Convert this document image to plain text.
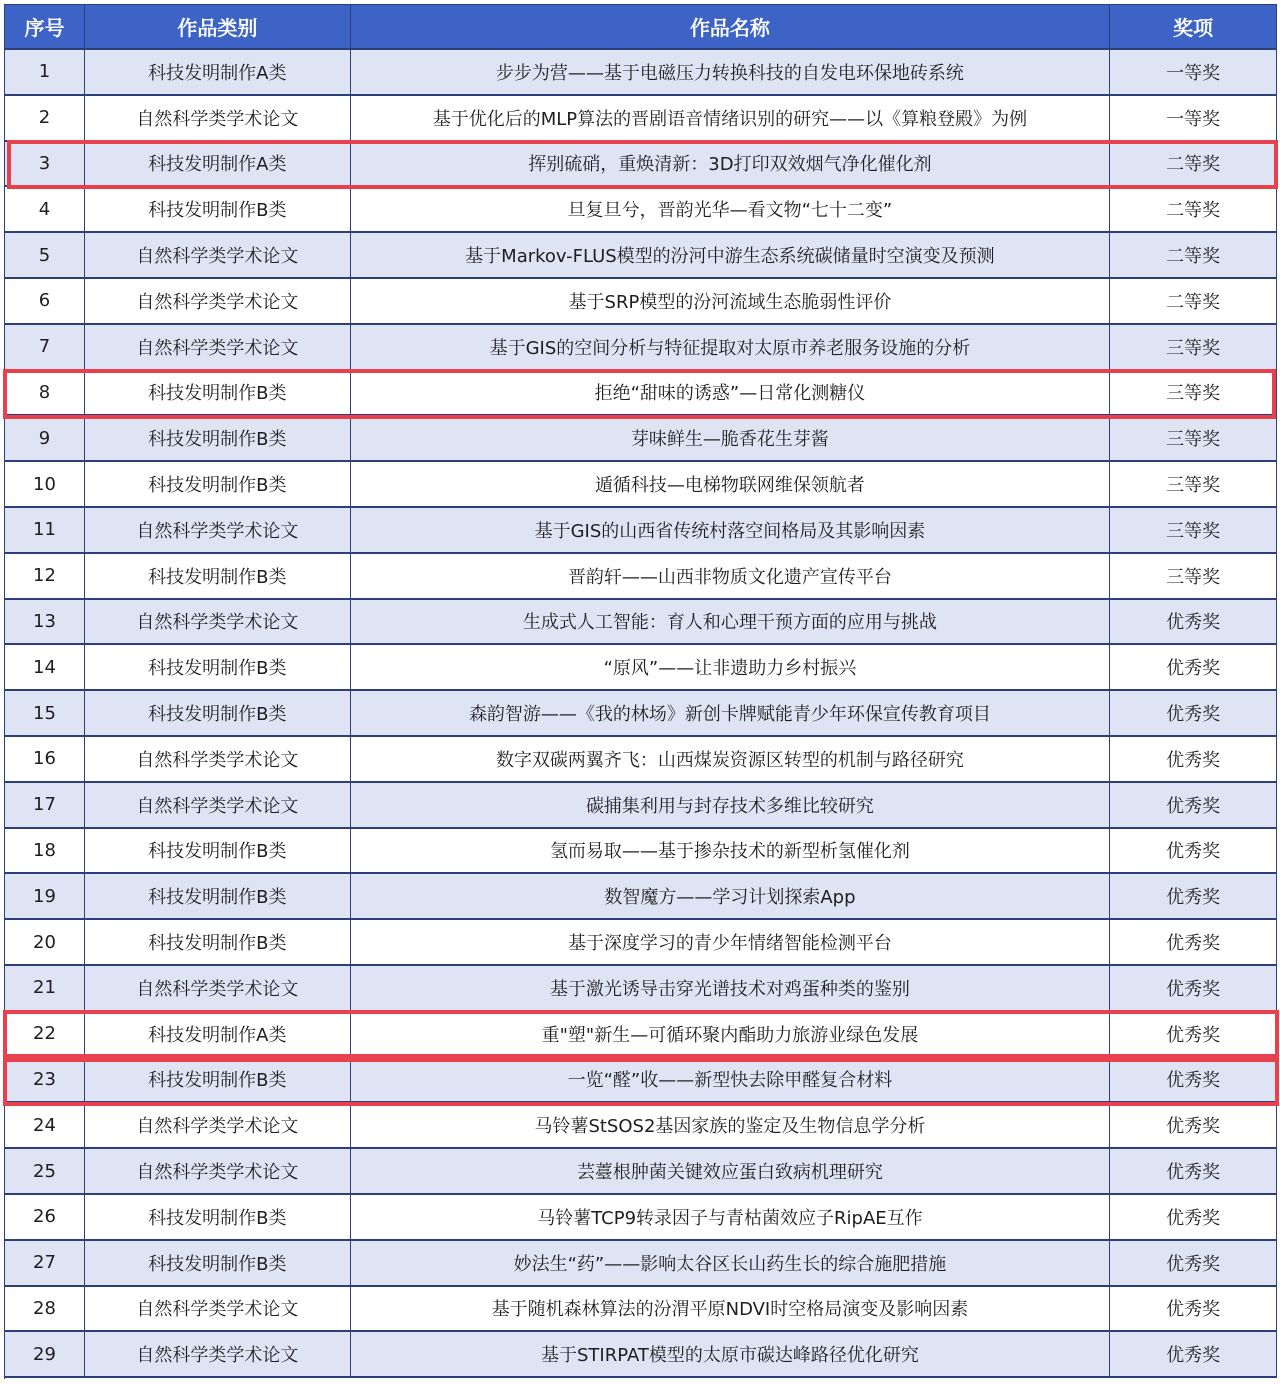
序号	作品类别	作品名称	奖项
1	科技发明制作A类	步步为营——基于电磁压力转换科技的自发电环保地砖系统	一等奖
2	自然科学类学术论文	基于优化后的MLP算法的晋剧语音情绪识别的研究——以《算粮登殿》为例	一等奖
3	科技发明制作A类	挥别硫硝，重焕清新：3D打印双效烟气净化催化剂	二等奖
4	科技发明制作B类	旦复旦兮，晋韵光华—看文物“七十二变”	二等奖
5	自然科学类学术论文	基于Markov-FLUS模型的汾河中游生态系统碳储量时空演变及预测	二等奖
6	自然科学类学术论文	基于SRP模型的汾河流域生态脆弱性评价	二等奖
7	自然科学类学术论文	基于GIS的空间分析与特征提取对太原市养老服务设施的分析	三等奖
8	科技发明制作B类	拒绝“甜味的诱惑”—日常化测糖仪	三等奖
9	科技发明制作B类	芽味鲜生—脆香花生芽酱	三等奖
10	科技发明制作B类	遁循科技—电梯物联网维保领航者	三等奖
11	自然科学类学术论文	基于GIS的山西省传统村落空间格局及其影响因素	三等奖
12	科技发明制作B类	晋韵轩——山西非物质文化遗产宣传平台	三等奖
13	自然科学类学术论文	生成式人工智能：育人和心理干预方面的应用与挑战	优秀奖
14	科技发明制作B类	“原风”——让非遗助力乡村振兴	优秀奖
15	科技发明制作B类	森韵智游——《我的林场》新创卡牌赋能青少年环保宣传教育项目	优秀奖
16	自然科学类学术论文	数字双碳两翼齐飞：山西煤炭资源区转型的机制与路径研究	优秀奖
17	自然科学类学术论文	碳捕集利用与封存技术多维比较研究	优秀奖
18	科技发明制作B类	氢而易取——基于掺杂技术的新型析氢催化剂	优秀奖
19	科技发明制作B类	数智魔方——学习计划探索App	优秀奖
20	科技发明制作B类	基于深度学习的青少年情绪智能检测平台	优秀奖
21	自然科学类学术论文	基于激光诱导击穿光谱技术对鸡蛋种类的鉴别	优秀奖
22	科技发明制作A类	重"塑"新生—可循环聚内酯助力旅游业绿色发展	优秀奖
23	科技发明制作B类	一览“醛”收——新型快去除甲醛复合材料	优秀奖
24	自然科学类学术论文	马铃薯StSOS2基因家族的鉴定及生物信息学分析	优秀奖
25	自然科学类学术论文	芸薹根肿菌关键效应蛋白致病机理研究	优秀奖
26	科技发明制作B类	马铃薯TCP9转录因子与青枯菌效应子RipAE互作	优秀奖
27	科技发明制作B类	妙法生“药”——影响太谷区长山药生长的综合施肥措施	优秀奖
28	自然科学类学术论文	基于随机森林算法的汾渭平原NDVI时空格局演变及影响因素	优秀奖
29	自然科学类学术论文	基于STIRPAT模型的太原市碳达峰路径优化研究	优秀奖
